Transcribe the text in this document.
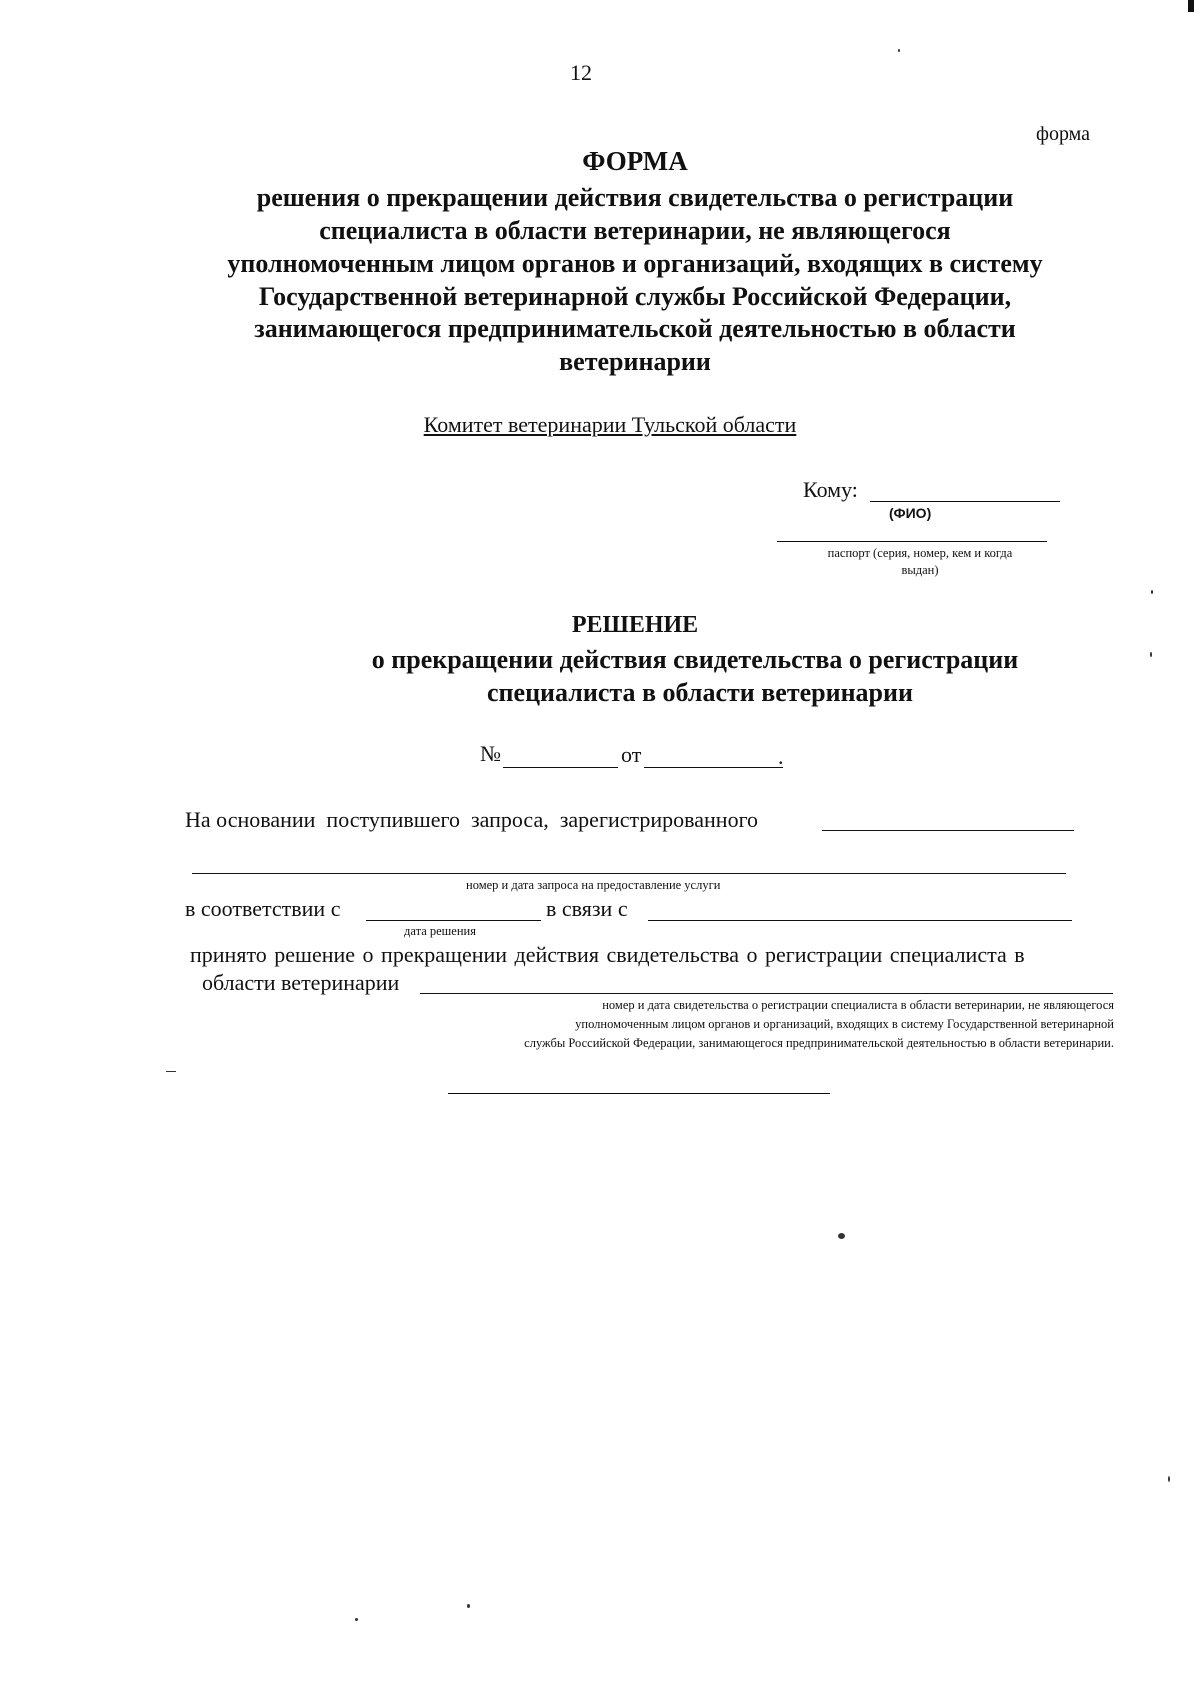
12
форма
ФОРМА
решения о прекращении действия свидетельства о регистрации
специалиста в области ветеринарии, не являющегося
уполномоченным лицом органов и организаций, входящих в систему
Государственной ветеринарной службы Российской Федерации,
занимающегося предпринимательской деятельностью в области
ветеринарии
Комитет ветеринарии Тульской области
Кому:
(ФИО)
паспорт (серия, номер, кем и когда
выдан)
РЕШЕНИЕ
о прекращении действия свидетельства о регистрации
специалиста в области ветеринарии
№	от	.
На основании  поступившего  запроса,  зарегистрированного
номер и дата запроса на предоставление услуги
в соответствии с	в связи с
дата решения
принято решение о прекращении действия свидетельства о регистрации специалиста в
области ветеринарии
номер и дата свидетельства о регистрации специалиста в области ветеринарии, не являющегося
уполномоченным лицом органов и организаций, входящих в систему Государственной ветеринарной
службы Российской Федерации, занимающегося предпринимательской деятельностью в области ветеринарии.
